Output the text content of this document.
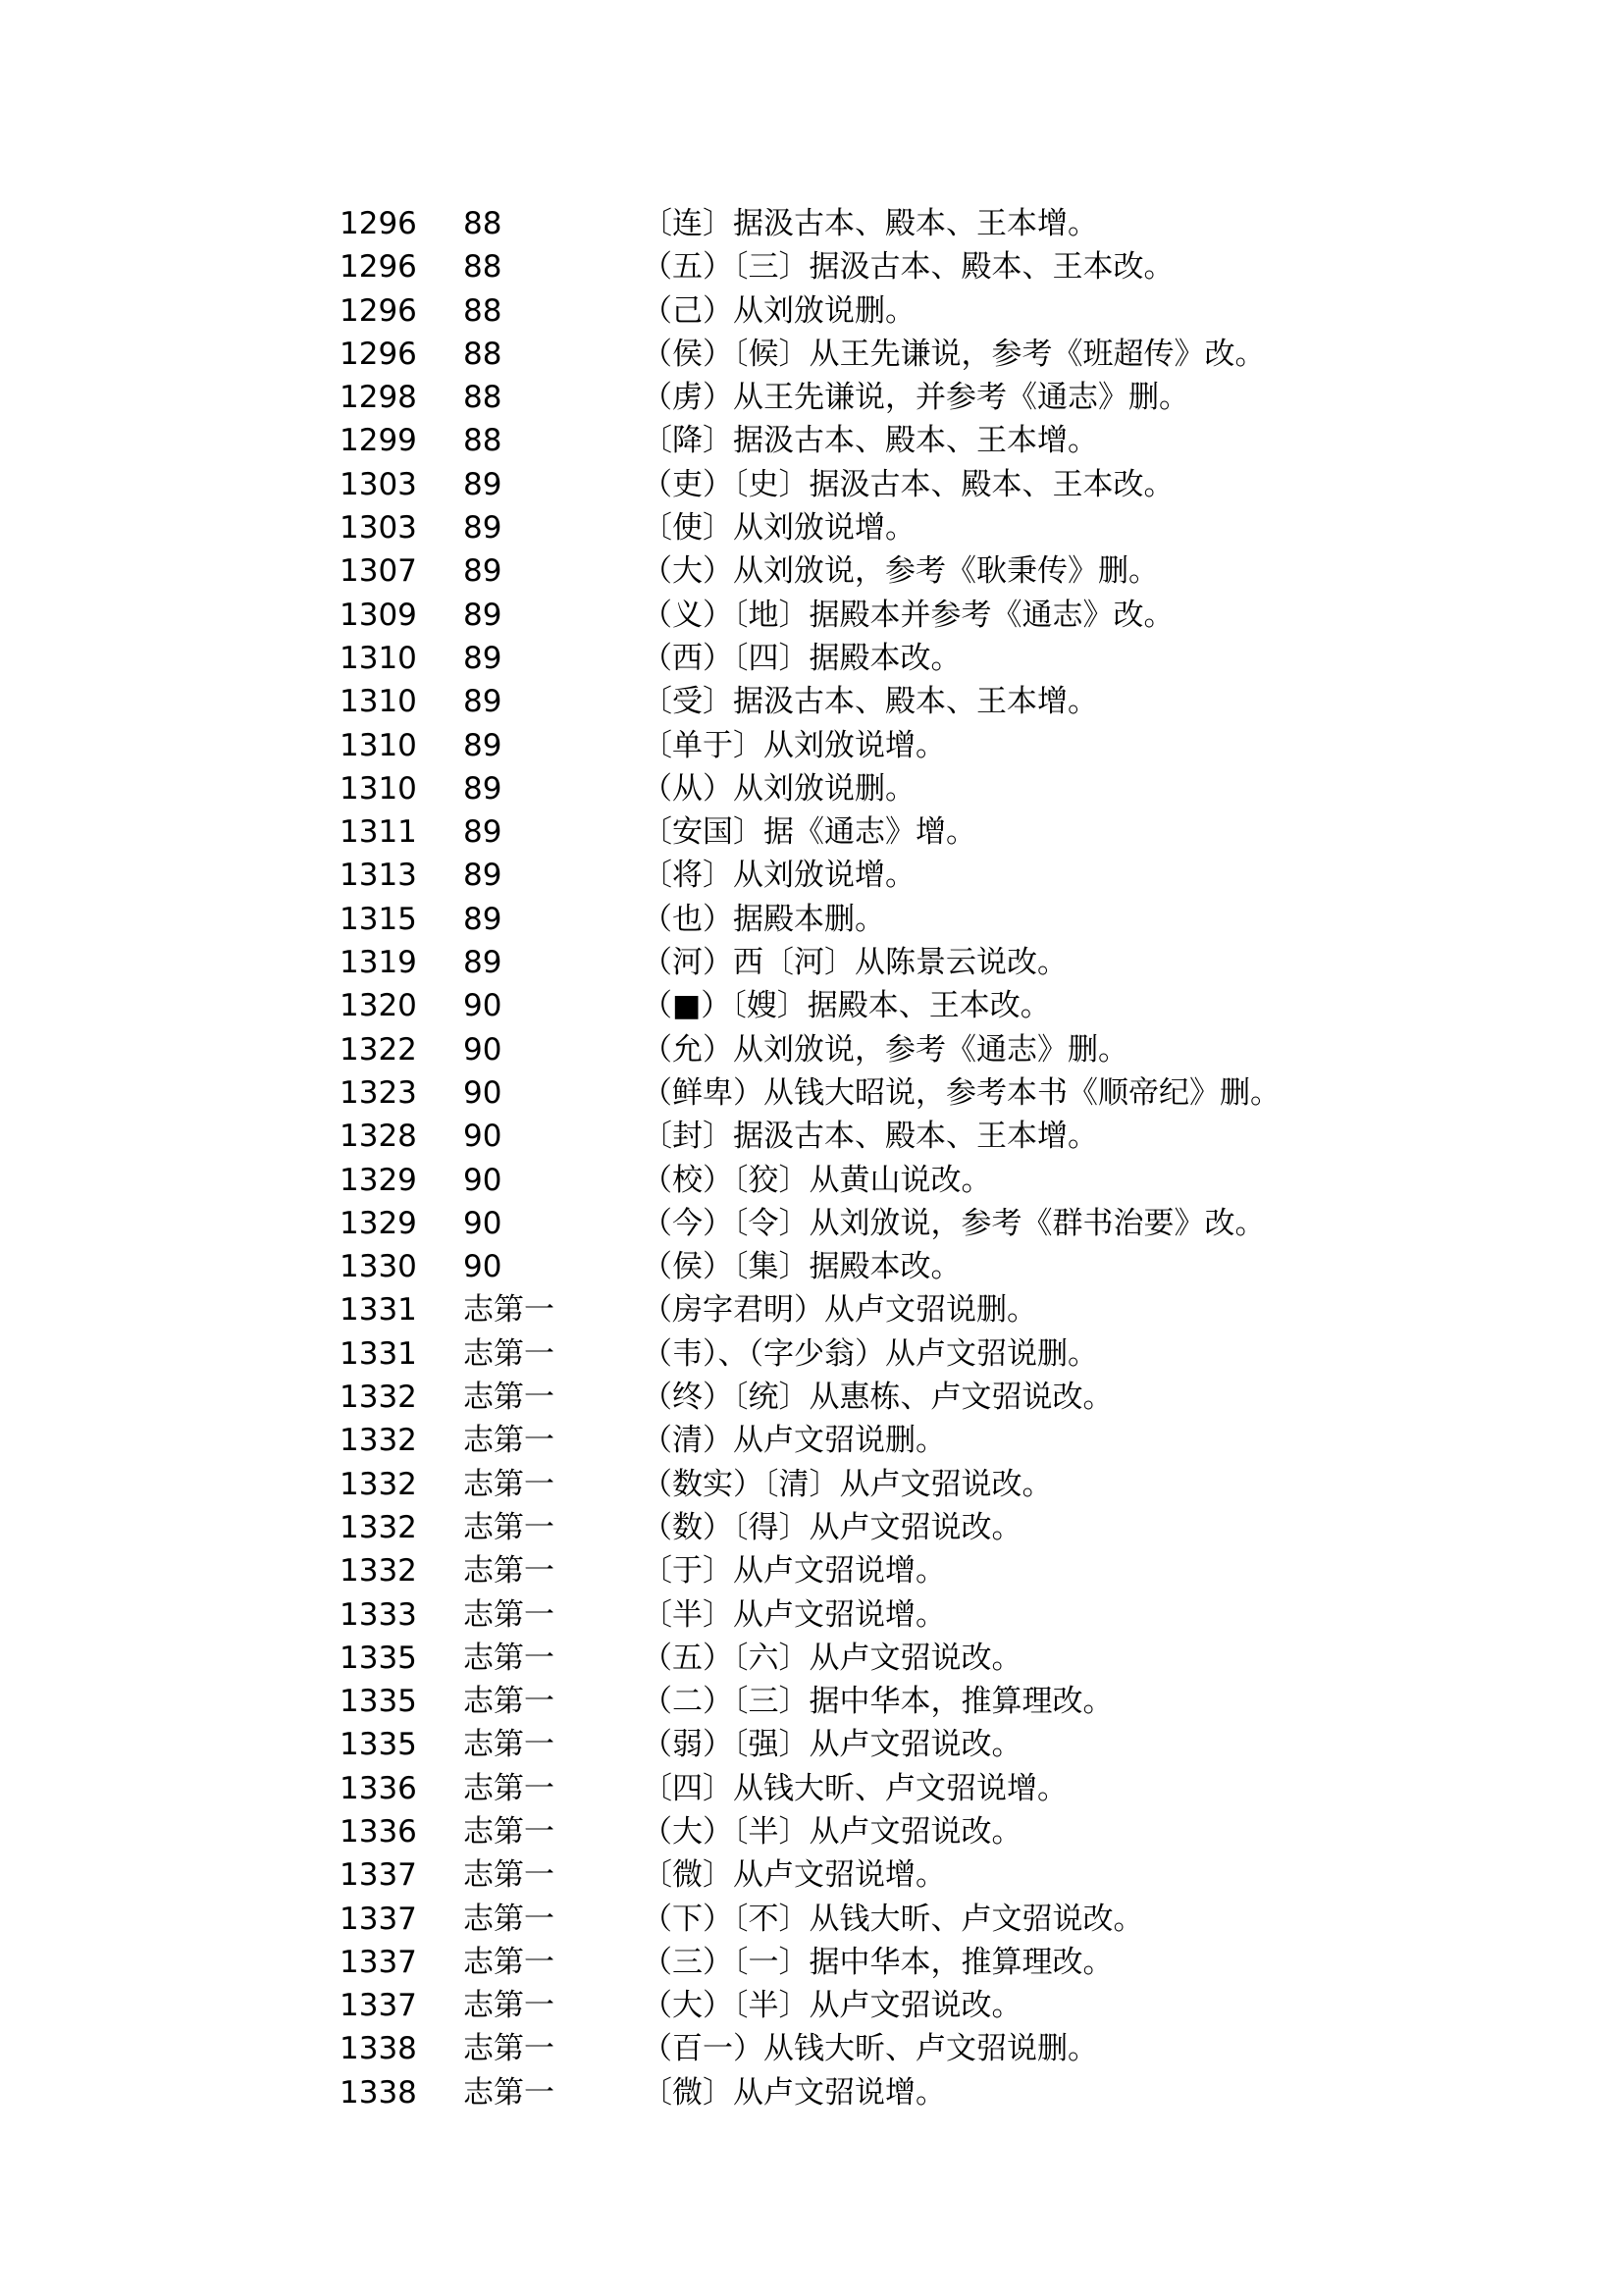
1296 88	〔连〕据汲古本、殿本、王本增。
1296 88	（五）〔三〕据汲古本、殿本、王本改。
1296 88	（己）从刘攽说删。
1296 88	（侯）〔候〕从王先谦说，参考《班超传》改。
1298 88	（虏）从王先谦说，并参考《通志》删。
1299 88	〔降〕据汲古本、殿本、王本增。
1303 89	（吏）〔史〕据汲古本、殿本、王本改。
1303 89	〔使〕从刘攽说增。
1307 89	（大）从刘攽说，参考《耿秉传》删。
1309 89	（义）〔地〕据殿本并参考《通志》改。
1310 89	（西）〔四〕据殿本改。
1310 89	〔受〕据汲古本、殿本、王本增。
1310 89	〔单于〕从刘攽说增。
1310 89	（从）从刘攽说删。
1311 89	〔安国〕据《通志》增。
1313 89	〔将〕从刘攽说增。
1315 89	（也）据殿本删。
1319 89	（河）西〔河〕从陈景云说改。
1320 90	（■）〔嫂〕据殿本、王本改。
1322 90	（允）从刘攽说，参考《通志》删。
1323 90	（鲜卑）从钱大昭说，参考本书《顺帝纪》删。
1328 90	〔封〕据汲古本、殿本、王本增。
1329 90	（校）〔狡〕从黄山说改。
1329 90	（今）〔令〕从刘攽说，参考《群书治要》改。
1330 90	（侯）〔集〕据殿本改。
1331 志第一	（房字君明）从卢文弨说删。
1331 志第一	（韦）、（字少翁）从卢文弨说删。
1332 志第一	（终）〔统〕从惠栋、卢文弨说改。
1332 志第一	（清）从卢文弨说删。
1332 志第一	（数实）〔清〕从卢文弨说改。
1332 志第一	（数）〔得〕从卢文弨说改。
1332 志第一	〔于〕从卢文弨说增。
1333 志第一	〔半〕从卢文弨说增。
1335 志第一	（五）〔六〕从卢文弨说改。
1335 志第一	（二）〔三〕据中华本，推算理改。
1335 志第一	（弱）〔强〕从卢文弨说改。
1336 志第一	〔四〕从钱大昕、卢文弨说增。
1336 志第一	（大）〔半〕从卢文弨说改。
1337 志第一	〔微〕从卢文弨说增。
1337 志第一	（下）〔不〕从钱大昕、卢文弨说改。
1337 志第一	（三）〔一〕据中华本，推算理改。
1337 志第一	（大）〔半〕从卢文弨说改。
1338 志第一	（百一）从钱大昕、卢文弨说删。
1338 志第一	〔微〕从卢文弨说增。
